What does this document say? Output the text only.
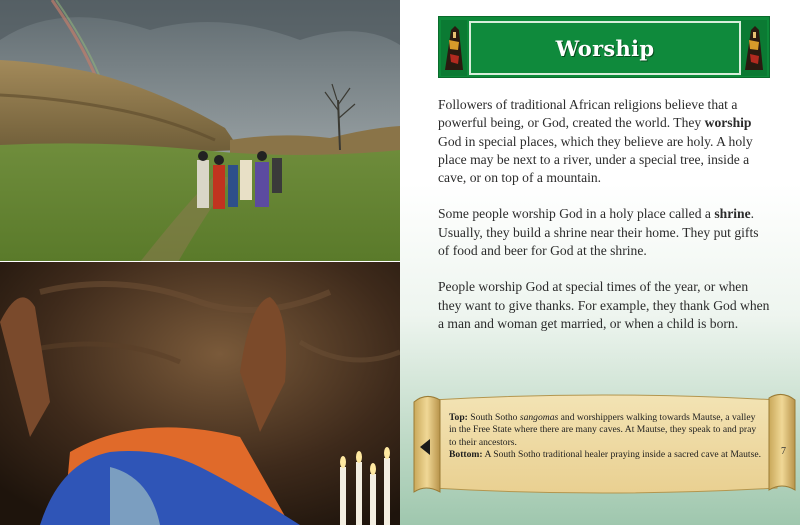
Worship

Followers of traditional African religions believe that a powerful being, or God, created the world. They worship God in special places, which they believe are holy. A holy place may be next to a river, under a special tree, inside a cave, or on top of a mountain.

Some people worship God in a holy place called a shrine. Usually, they build a shrine near their home. They put gifts of food and beer for God at the shrine.

People worship God at special times of the year, or when they want to give thanks. For example, they thank God when a man and woman get married, or when a child is born.

Top: South Sotho sangomas and worshippers walking towards Mautse, a valley in the Free State where there are many caves. At Mautse, they speak to and pray to their ancestors.
Bottom: A South Sotho traditional healer praying inside a sacred cave at Mautse. 7
